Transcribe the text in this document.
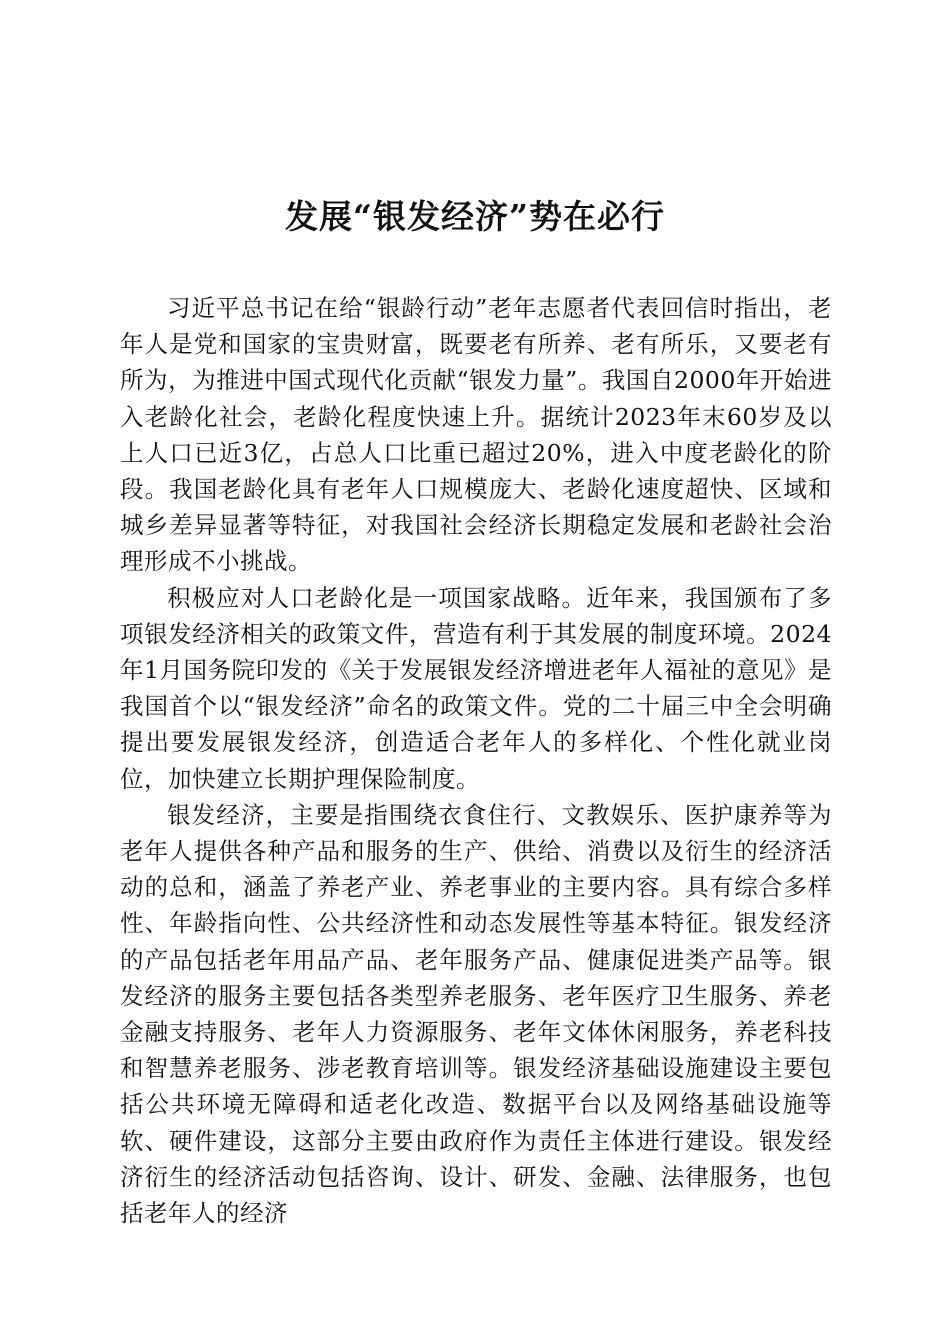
发展“银发经济”势在必行

习近平总书记在给“银龄行动”老年志愿者代表回信时指出，老年人是党和国家的宝贵财富，既要老有所养、老有所乐，又要老有所为，为推进中国式现代化贡献“银发力量”。我国自2000年开始进入老龄化社会，老龄化程度快速上升。据统计2023年末60岁及以上人口已近3亿，占总人口比重已超过20%，进入中度老龄化的阶段。我国老龄化具有老年人口规模庞大、老龄化速度超快、区域和城乡差异显著等特征，对我国社会经济长期稳定发展和老龄社会治理形成不小挑战。

积极应对人口老龄化是一项国家战略。近年来，我国颁布了多项银发经济相关的政策文件，营造有利于其发展的制度环境。2024年1月国务院印发的《关于发展银发经济增进老年人福祉的意见》是我国首个以“银发经济”命名的政策文件。党的二十届三中全会明确提出要发展银发经济，创造适合老年人的多样化、个性化就业岗位，加快建立长期护理保险制度。

银发经济，主要是指围绕衣食住行、文教娱乐、医护康养等为老年人提供各种产品和服务的生产、供给、消费以及衍生的经济活动的总和，涵盖了养老产业、养老事业的主要内容。具有综合多样性、年龄指向性、公共经济性和动态发展性等基本特征。银发经济的产品包括老年用品产品、老年服务产品、健康促进类产品等。银发经济的服务主要包括各类型养老服务、老年医疗卫生服务、养老金融支持服务、老年人力资源服务、老年文体休闲服务，养老科技和智慧养老服务、涉老教育培训等。银发经济基础设施建设主要包括公共环境无障碍和适老化改造、数据平台以及网络基础设施等软、硬件建设，这部分主要由政府作为责任主体进行建设。银发经济衍生的经济活动包括咨询、设计、研发、金融、法律服务，也包括老年人的经济
